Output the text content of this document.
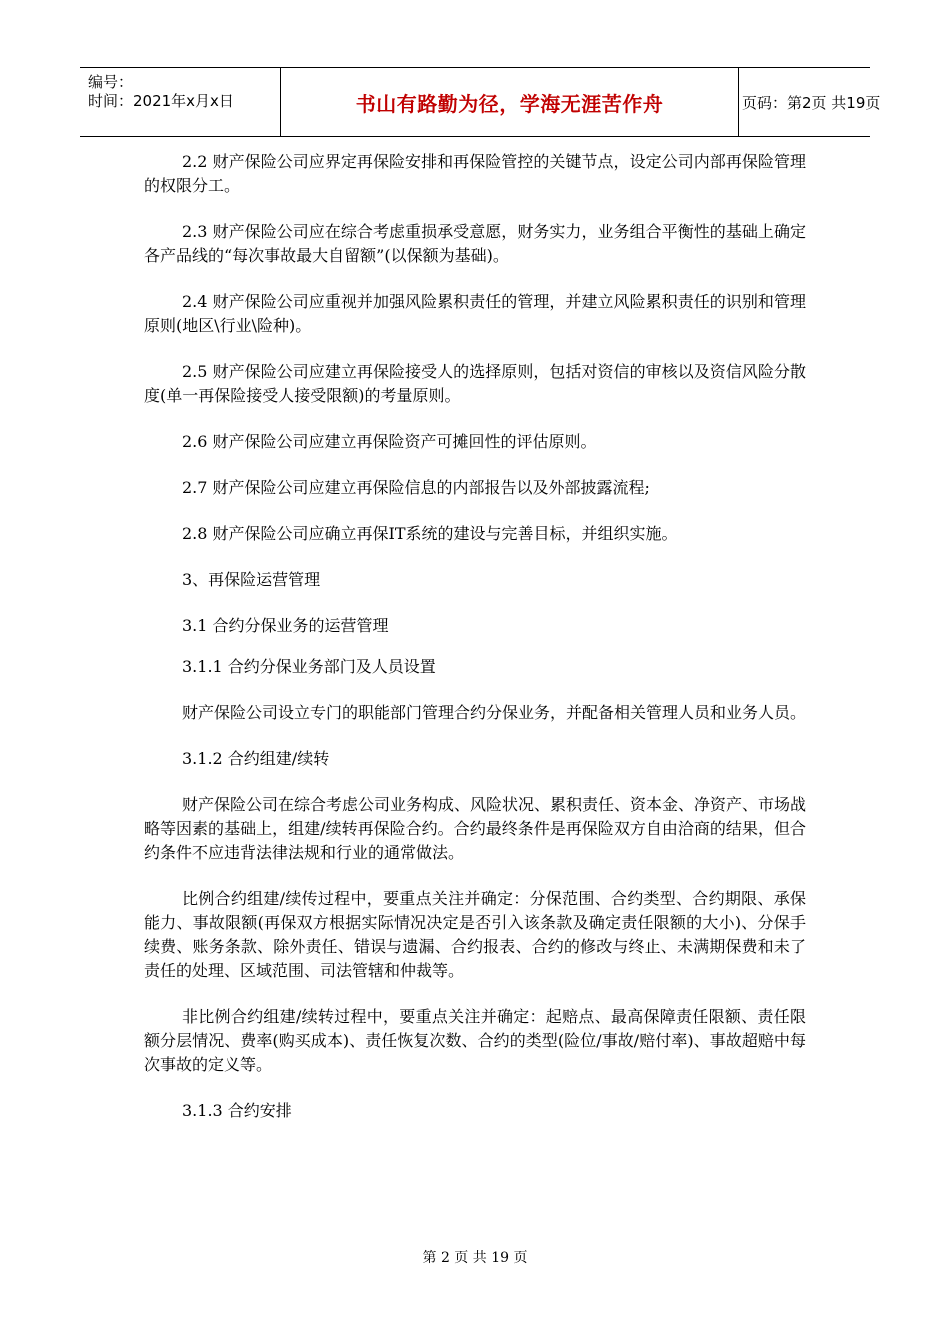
编号：
时间：2021年x月x日	书山有路勤为径，学海无涯苦作舟	页码：第2页 共19页

2.2 财产保险公司应界定再保险安排和再保险管控的关键节点，设定公司内部再保险管理的权限分工。

2.3 财产保险公司应在综合考虑重损承受意愿，财务实力，业务组合平衡性的基础上确定各产品线的“每次事故最大自留额”(以保额为基础)。

2.4 财产保险公司应重视并加强风险累积责任的管理，并建立风险累积责任的识别和管理原则(地区\行业\险种)。

2.5 财产保险公司应建立再保险接受人的选择原则，包括对资信的审核以及资信风险分散度(单一再保险接受人接受限额)的考量原则。

2.6 财产保险公司应建立再保险资产可摊回性的评估原则。

2.7 财产保险公司应建立再保险信息的内部报告以及外部披露流程;

2.8 财产保险公司应确立再保IT系统的建设与完善目标，并组织实施。

3、再保险运营管理

3.1 合约分保业务的运营管理

3.1.1 合约分保业务部门及人员设置

财产保险公司设立专门的职能部门管理合约分保业务，并配备相关管理人员和业务人员。

3.1.2 合约组建/续转

财产保险公司在综合考虑公司业务构成、风险状况、累积责任、资本金、净资产、市场战略等因素的基础上，组建/续转再保险合约。合约最终条件是再保险双方自由洽商的结果，但合约条件不应违背法律法规和行业的通常做法。

比例合约组建/续传过程中，要重点关注并确定：分保范围、合约类型、合约期限、承保能力、事故限额(再保双方根据实际情况决定是否引入该条款及确定责任限额的大小)、分保手续费、账务条款、除外责任、错误与遗漏、合约报表、合约的修改与终止、未满期保费和未了责任的处理、区域范围、司法管辖和仲裁等。

非比例合约组建/续转过程中，要重点关注并确定：起赔点、最高保障责任限额、责任限额分层情况、费率(购买成本)、责任恢复次数、合约的类型(险位/事故/赔付率)、事故超赔中每次事故的定义等。

3.1.3 合约安排

第 2 页 共 19 页
